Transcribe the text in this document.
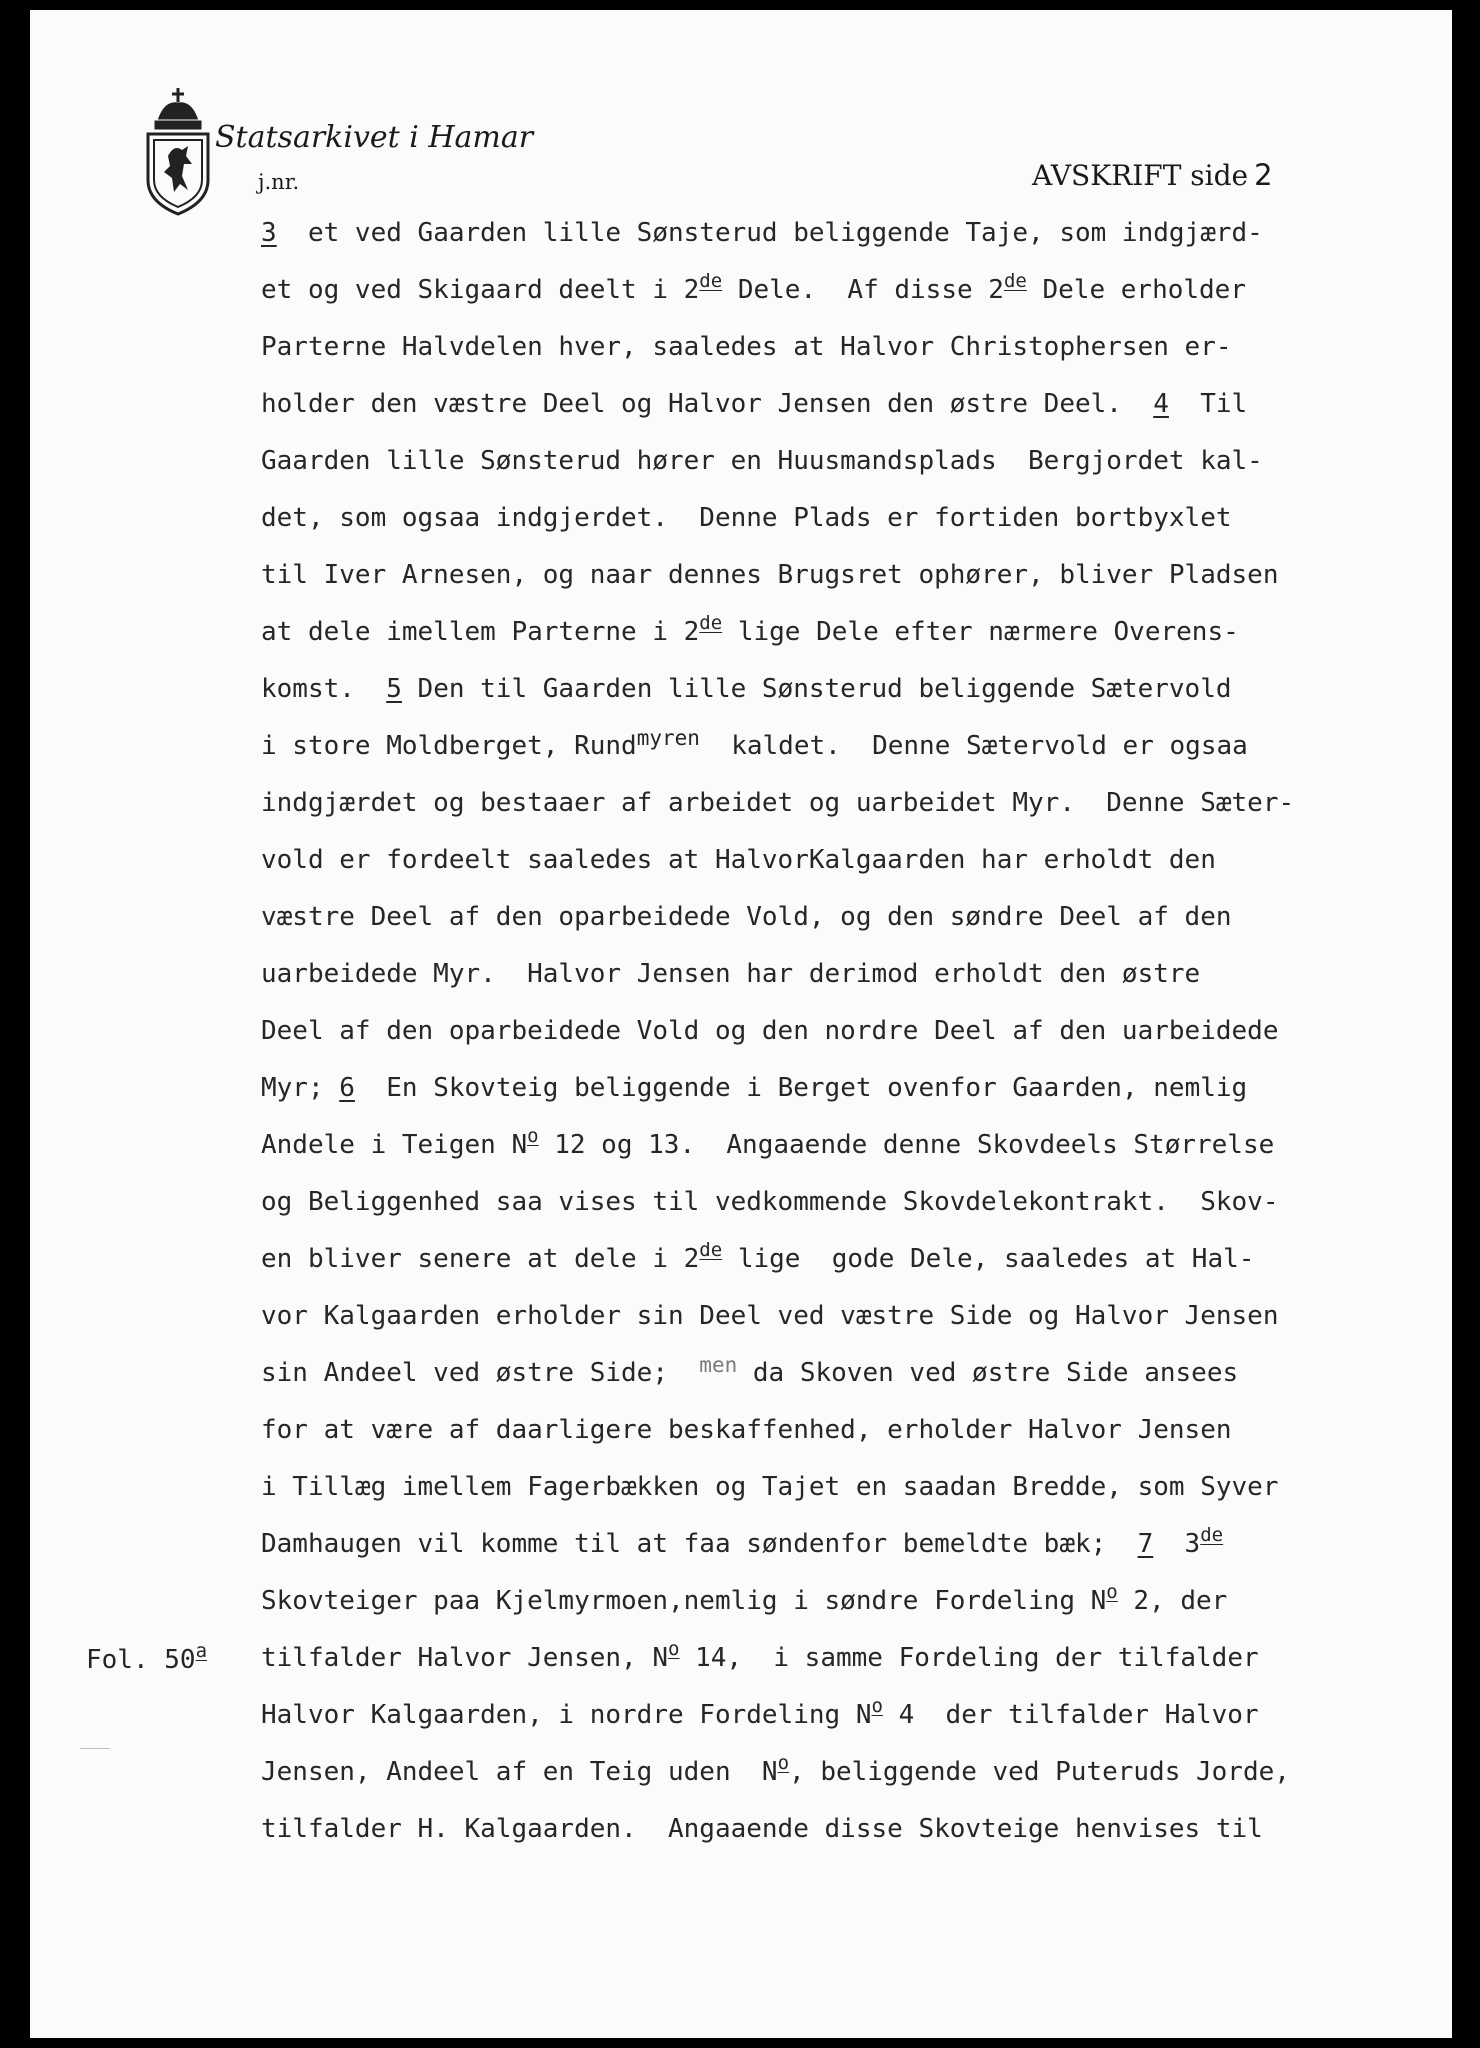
Statsarkivet i Hamar
j.nr.	AVSKRIFT side 2
3  et ved Gaarden lille Sønsterud beliggende Taje, som indgjærd-
et og ved Skigaard deelt i 2de Dele.  Af disse 2de Dele erholder
Parterne Halvdelen hver, saaledes at Halvor Christophersen er-
holder den væstre Deel og Halvor Jensen den østre Deel.  4  Til
Gaarden lille Sønsterud hører en Huusmandsplads  Bergjordet kal-
det, som ogsaa indgjerdet.  Denne Plads er fortiden bortbyxlet
til Iver Arnesen, og naar dennes Brugsret ophører, bliver Pladsen
at dele imellem Parterne i 2de lige Dele efter nærmere Overens-
komst.  5 Den til Gaarden lille Sønsterud beliggende Sætervold
i store Moldberget, Rund$^{myren}$  kaldet.  Denne Sætervold er ogsaa
indgjærdet og bestaaer af arbeidet og uarbeidet Myr.  Denne Sæter-
vold er fordeelt saaledes at HalvorKalgaarden har erholdt den
væstre Deel af den oparbeidede Vold, og den søndre Deel af den
uarbeidede Myr.  Halvor Jensen har derimod erholdt den østre
Deel af den oparbeidede Vold og den nordre Deel af den uarbeidede
Myr; 6  En Skovteig beliggende i Berget ovenfor Gaarden, nemlig
Andele i Teigen $N^o$ 12 og 13.  Angaaende denne Skovdeels Størrelse
og Beliggenhed saa vises til vedkommende Skovdelekontrakt.  Skov-
en bliver senere at dele i 2de lige  gode Dele, saaledes at Hal-
vor Kalgaarden erholder sin Deel ved væstre Side og Halvor Jensen
sin Andeel ved østre Side;  $^{men}$ da Skoven ved østre Side ansees
for at være af daarligere beskaffenhed, erholder Halvor Jensen
i Tillæg imellem Fagerbækken og Tajet en saadan Bredde, som Syver
Damhaugen vil komme til at faa søndenfor bemeldte bæk;  7  3de
Skovteiger paa Kjelmyrmoen,nemlig i søndre Fordeling $N^o$ 2, der
tilfalder Halvor Jensen, $N^o$ 14,  i samme Fordeling der tilfalder
Halvor Kalgaarden, i nordre Fordeling $N^o$ 4  der tilfalder Halvor
Jensen, Andeel af en Teig uden  $N^o$, beliggende ved Puteruds Jorde,
tilfalder H. Kalgaarden.  Angaaende disse Skovteige henvises til
Fol. 50$^a$
